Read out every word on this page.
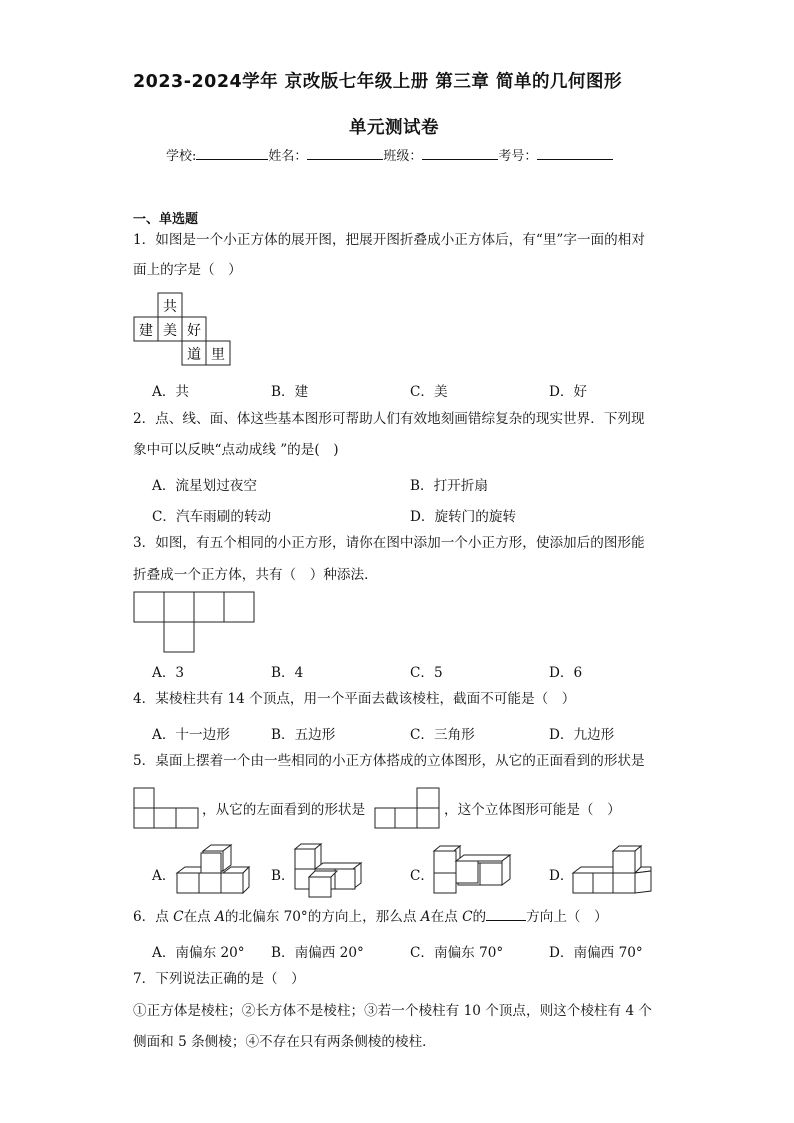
2023-2024学年 京改版七年级上册 第三章 简单的几何图形
单元测试卷
学校:	姓名：	班级：	考号：
一、单选题
1．如图是一个小正方体的展开图，把展开图折叠成小正方体后，有“里”字一面的相对
面上的字是（　）
共
建 美 好
道 里
A．共	B．建	C．美	D．好
2．点、线、面、体这些基本图形可帮助人们有效地刻画错综复杂的现实世界．下列现
象中可以反映“点动成线 ”的是(　)
A．流星划过夜空	B．打开折扇
C．汽车雨刷的转动	D．旋转门的旋转
3．如图，有五个相同的小正方形，请你在图中添加一个小正方形，使添加后的图形能
折叠成一个正方体，共有（　）种添法．
A．3	B．4	C．5	D．6
4．某棱柱共有 14 个顶点，用一个平面去截该棱柱，截面不可能是（　）
A．十一边形	B．五边形	C．三角形	D．九边形
5．桌面上摆着一个由一些相同的小正方体搭成的立体图形，从它的正面看到的形状是
，从它的左面看到的形状是	，这个立体图形可能是（　）
A．	B．	C．	D．
6．点 C在点 A的北偏东 70°的方向上，那么点 A在点 C的	方向上（　）
A．南偏东 20° B．南偏西 20°	C．南偏东 70°	D．南偏西 70°
7．下列说法正确的是（　）
①正方体是棱柱；②长方体不是棱柱；③若一个棱柱有 10 个顶点，则这个棱柱有 4 个
侧面和 5 条侧棱；④不存在只有两条侧棱的棱柱．
